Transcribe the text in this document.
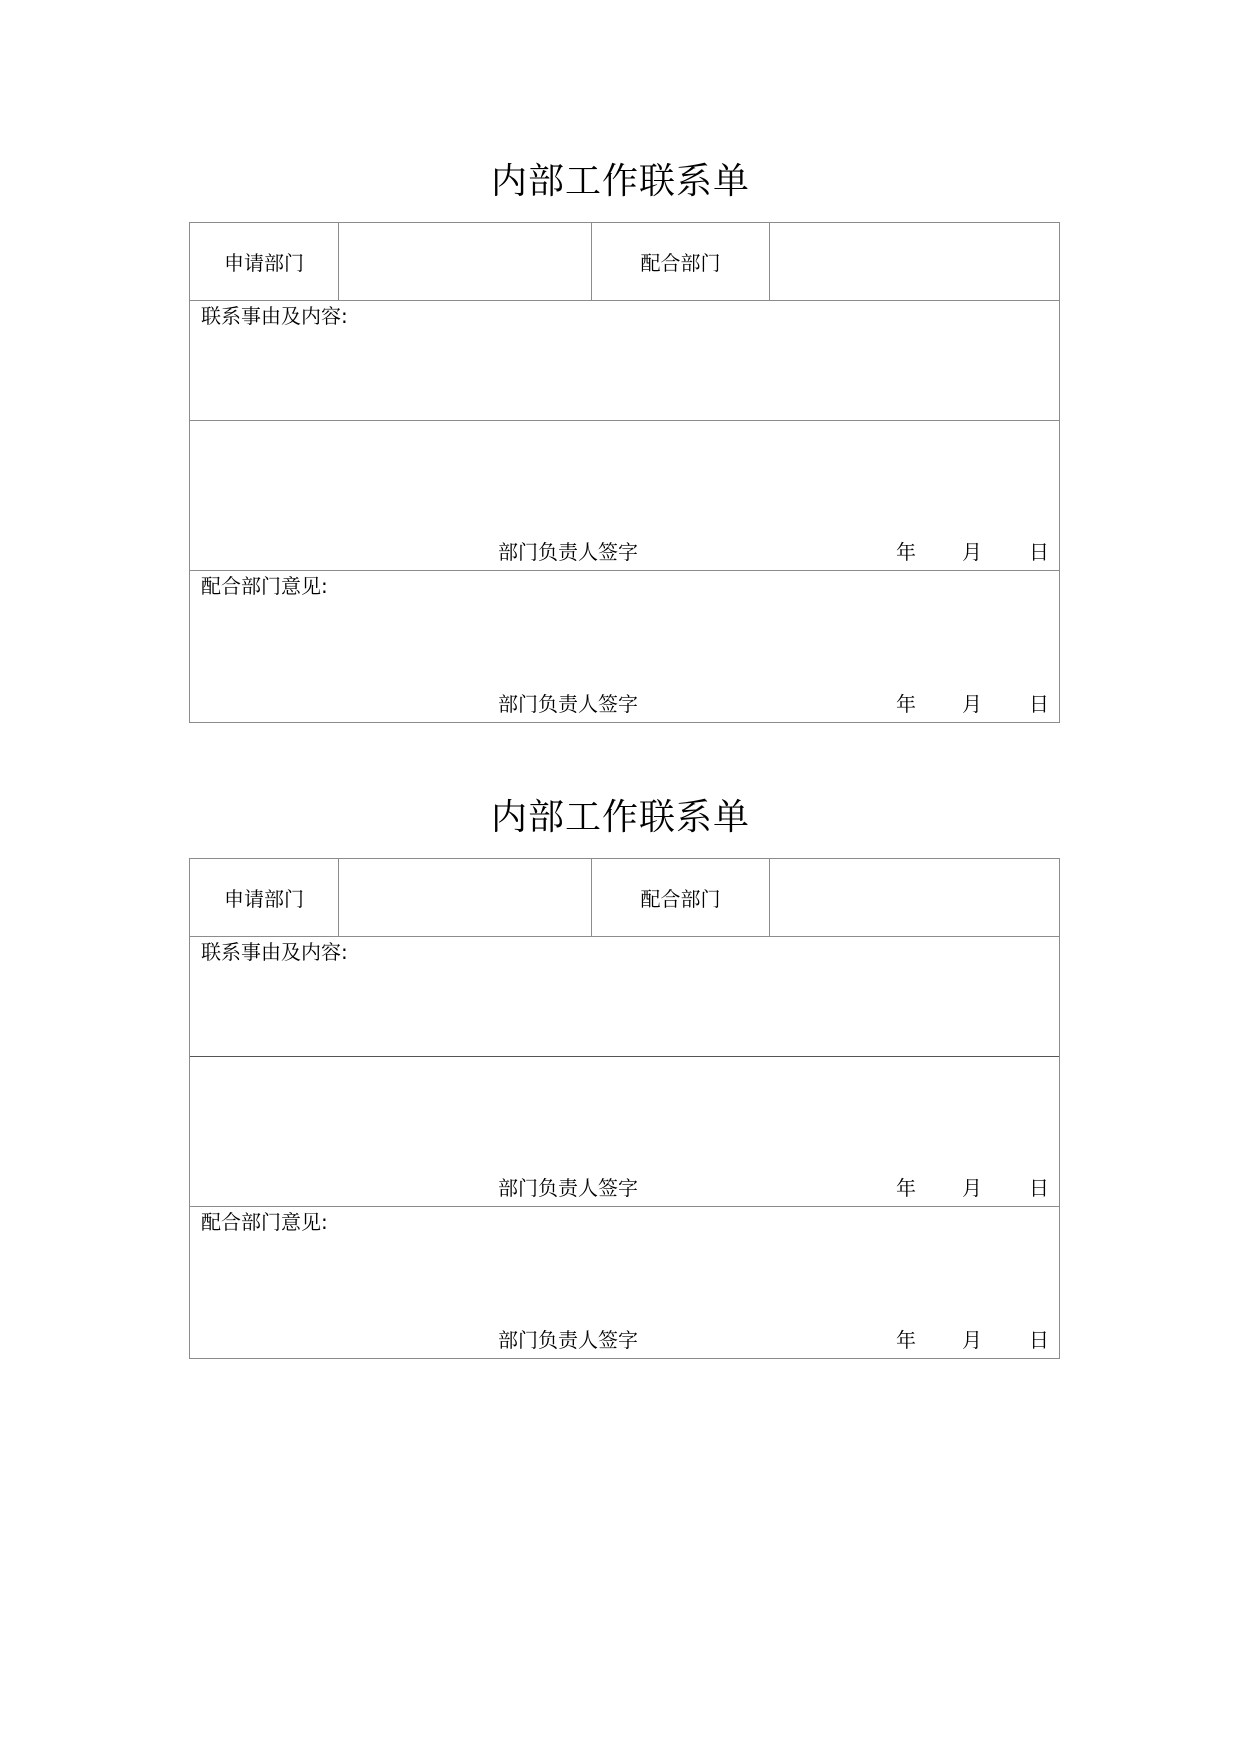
内部工作联系单
申请部门	配合部门
联系事由及内容:
部门负责人签字	年 月 日
配合部门意见:
部门负责人签字	年 月 日
内部工作联系单
申请部门	配合部门
联系事由及内容:
部门负责人签字	年 月 日
配合部门意见:
部门负责人签字	年 月 日
